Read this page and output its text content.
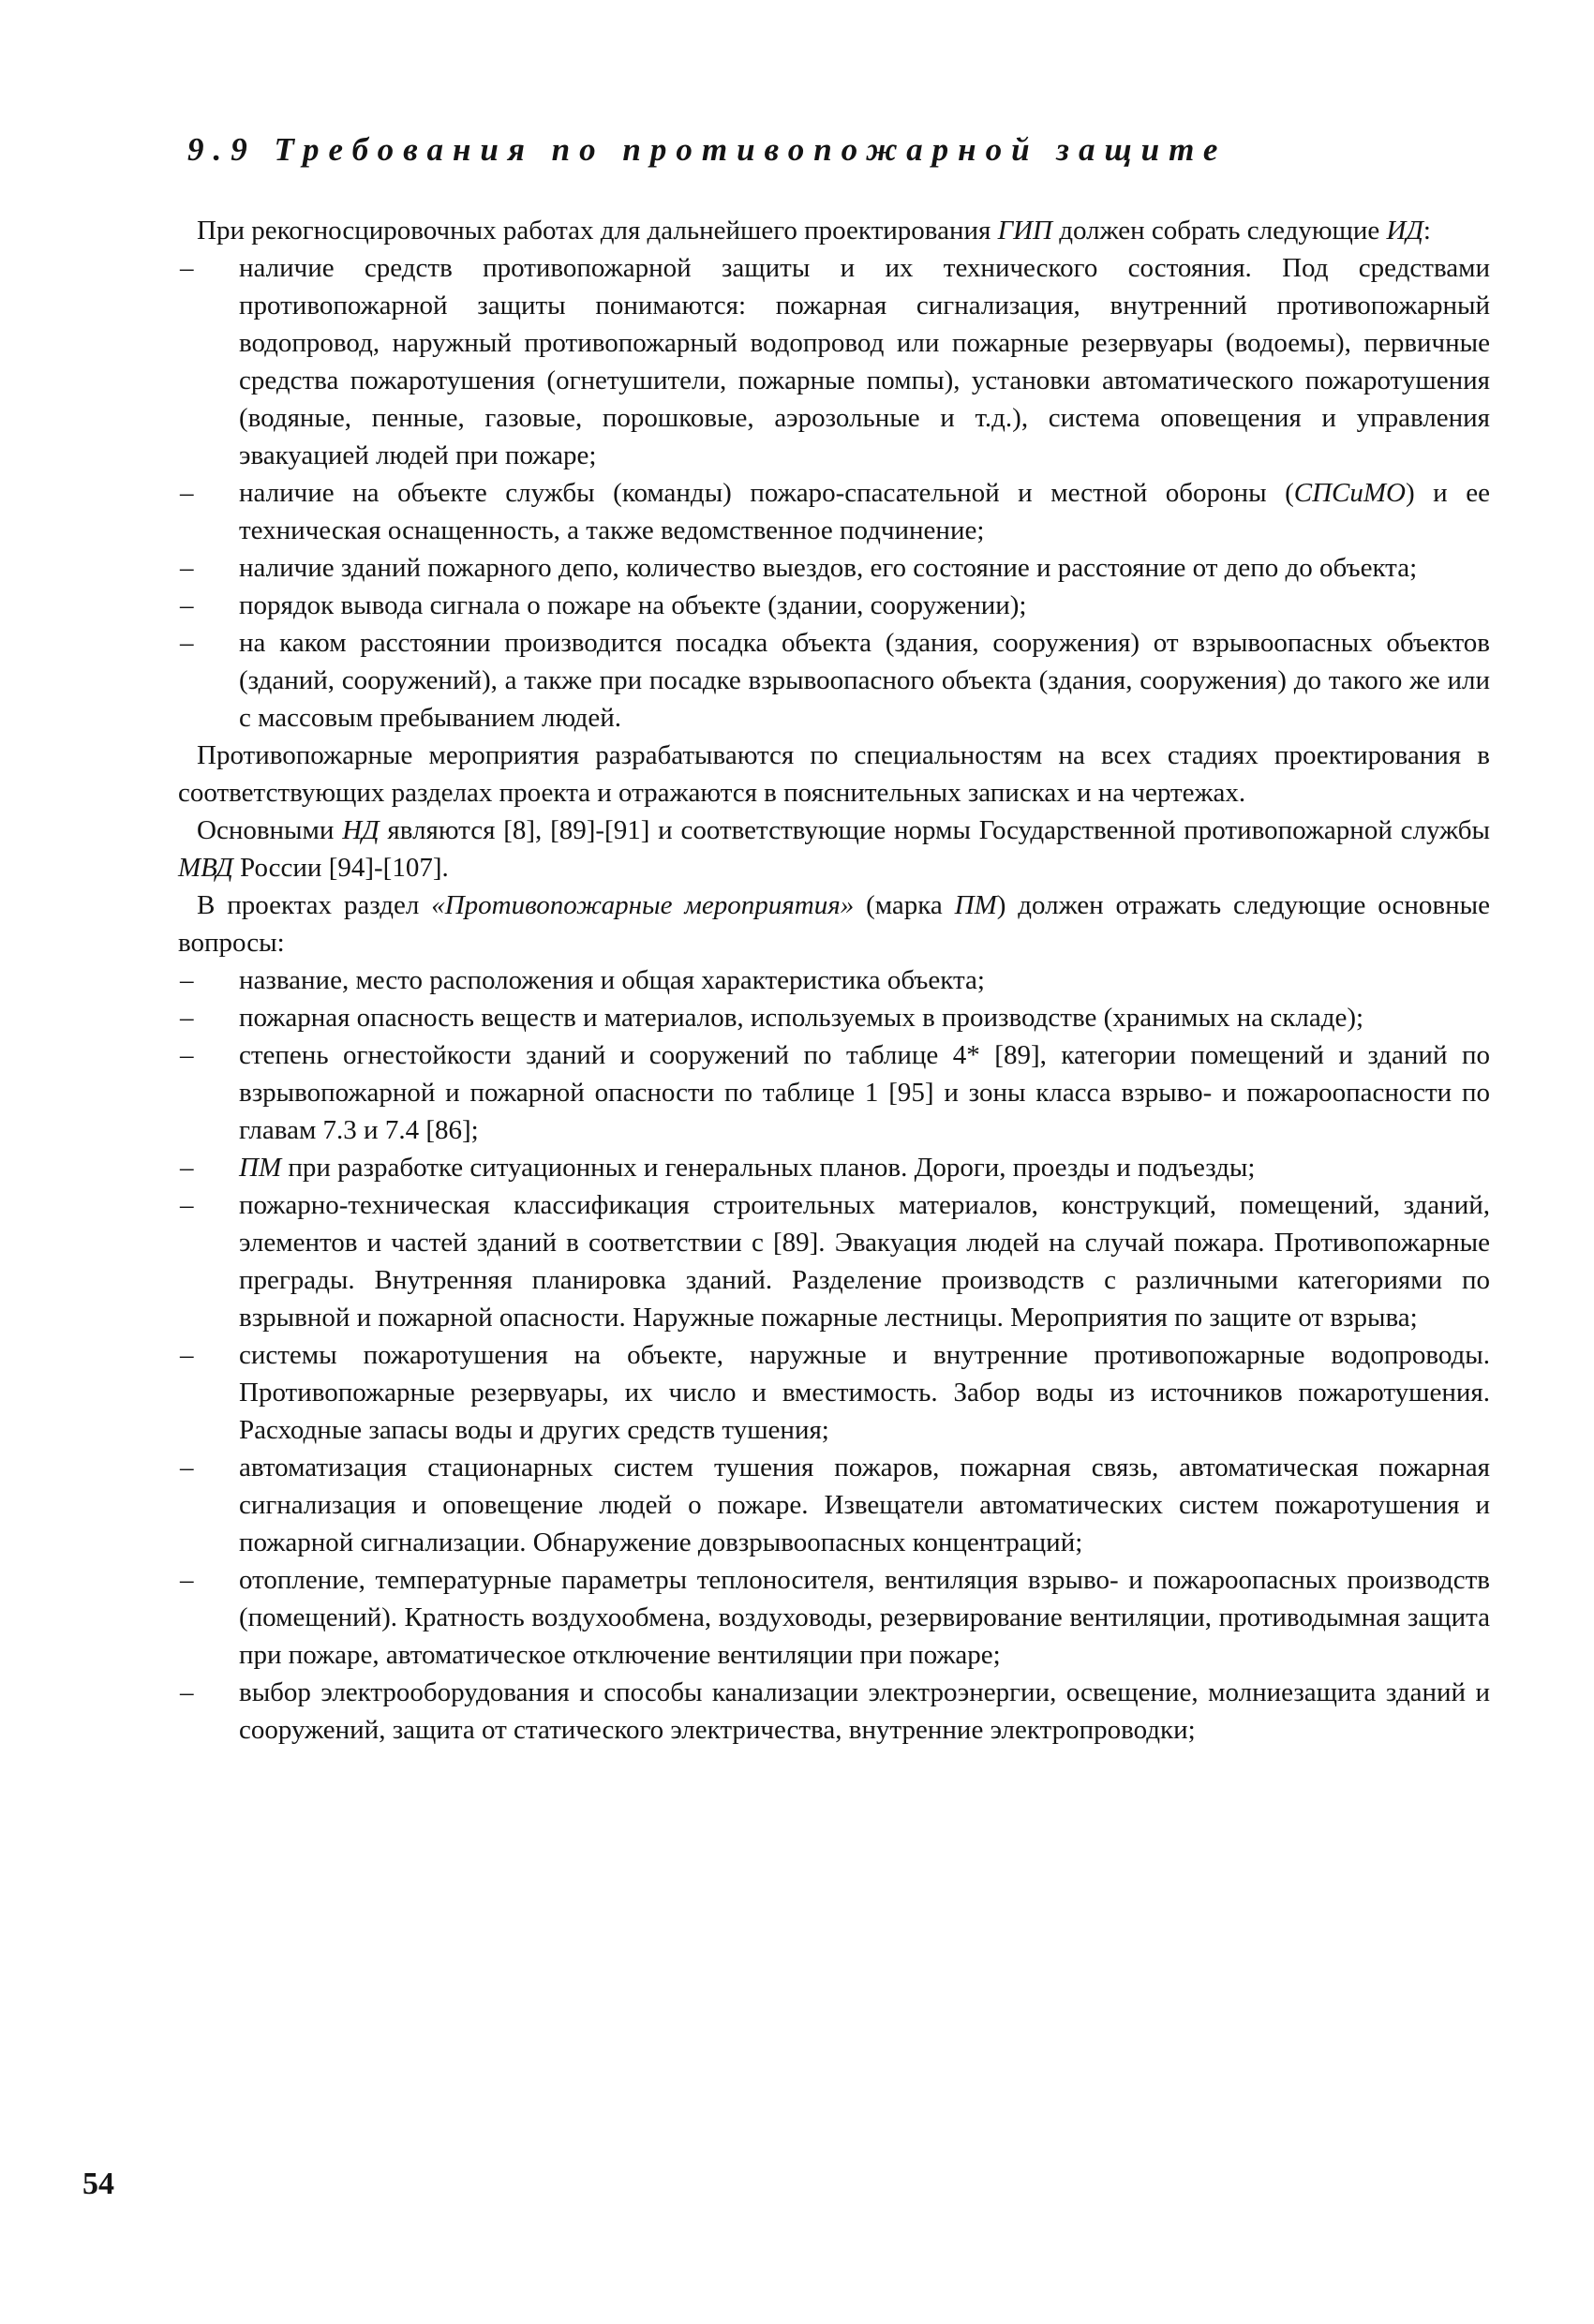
9.9 Требования по противопожарной защите

При рекогносцировочных работах для дальнейшего проектирования ГИП должен собрать следующие ИД:

– наличие средств противопожарной защиты и их технического состояния. Под средствами противопожарной защиты понимаются: пожарная сигнализация, внутренний противопожарный водопровод, наружный противопожарный водопровод или пожарные резервуары (водоемы), первичные средства пожаротушения (огнетушители, пожарные помпы), установки автоматического пожаротушения (водяные, пенные, газовые, порошковые, аэрозольные и т.д.), система оповещения и управления эвакуацией людей при пожаре;
– наличие на объекте службы (команды) пожаро-спасательной и местной обороны (СПСиМО) и ее техническая оснащенность, а также ведомственное подчинение;
– наличие зданий пожарного депо, количество выездов, его состояние и расстояние от депо до объекта;
– порядок вывода сигнала о пожаре на объекте (здании, сооружении);
– на каком расстоянии производится посадка объекта (здания, сооружения) от взрывоопасных объектов (зданий, сооружений), а также при посадке взрывоопасного объекта (здания, сооружения) до такого же или с массовым пребыванием людей.

Противопожарные мероприятия разрабатываются по специальностям на всех стадиях проектирования в соответствующих разделах проекта и отражаются в пояснительных записках и на чертежах.

Основными НД являются [8], [89]-[91] и соответствующие нормы Государственной противопожарной службы МВД России [94]-[107].

В проектах раздел «Противопожарные мероприятия» (марка ПМ) должен отражать следующие основные вопросы:

– название, место расположения и общая характеристика объекта;
– пожарная опасность веществ и материалов, используемых в производстве (хранимых на складе);
– степень огнестойкости зданий и сооружений по таблице 4* [89], категории помещений и зданий по взрывопожарной и пожарной опасности по таблице 1 [95] и зоны класса взрыво- и пожароопасности по главам 7.3 и 7.4 [86];
– ПМ при разработке ситуационных и генеральных планов. Дороги, проезды и подъезды;
– пожарно-техническая классификация строительных материалов, конструкций, помещений, зданий, элементов и частей зданий в соответствии с [89]. Эвакуация людей на случай пожара. Противопожарные преграды. Внутренняя планировка зданий. Разделение производств с различными категориями по взрывной и пожарной опасности. Наружные пожарные лестницы. Мероприятия по защите от взрыва;
– системы пожаротушения на объекте, наружные и внутренние противопожарные водопроводы. Противопожарные резервуары, их число и вместимость. Забор воды из источников пожаротушения. Расходные запасы воды и других средств тушения;
– автоматизация стационарных систем тушения пожаров, пожарная связь, автоматическая пожарная сигнализация и оповещение людей о пожаре. Извещатели автоматических систем пожаротушения и пожарной сигнализации. Обнаружение довзрывоопасных концентраций;
– отопление, температурные параметры теплоносителя, вентиляция взрыво- и пожароопасных производств (помещений). Кратность воздухообмена, воздуховоды, резервирование вентиляции, противодымная защита при пожаре, автоматическое отключение вентиляции при пожаре;
– выбор электрооборудования и способы канализации электроэнергии, освещение, молниезащита зданий и сооружений, защита от статического электричества, внутренние электропроводки;
54
